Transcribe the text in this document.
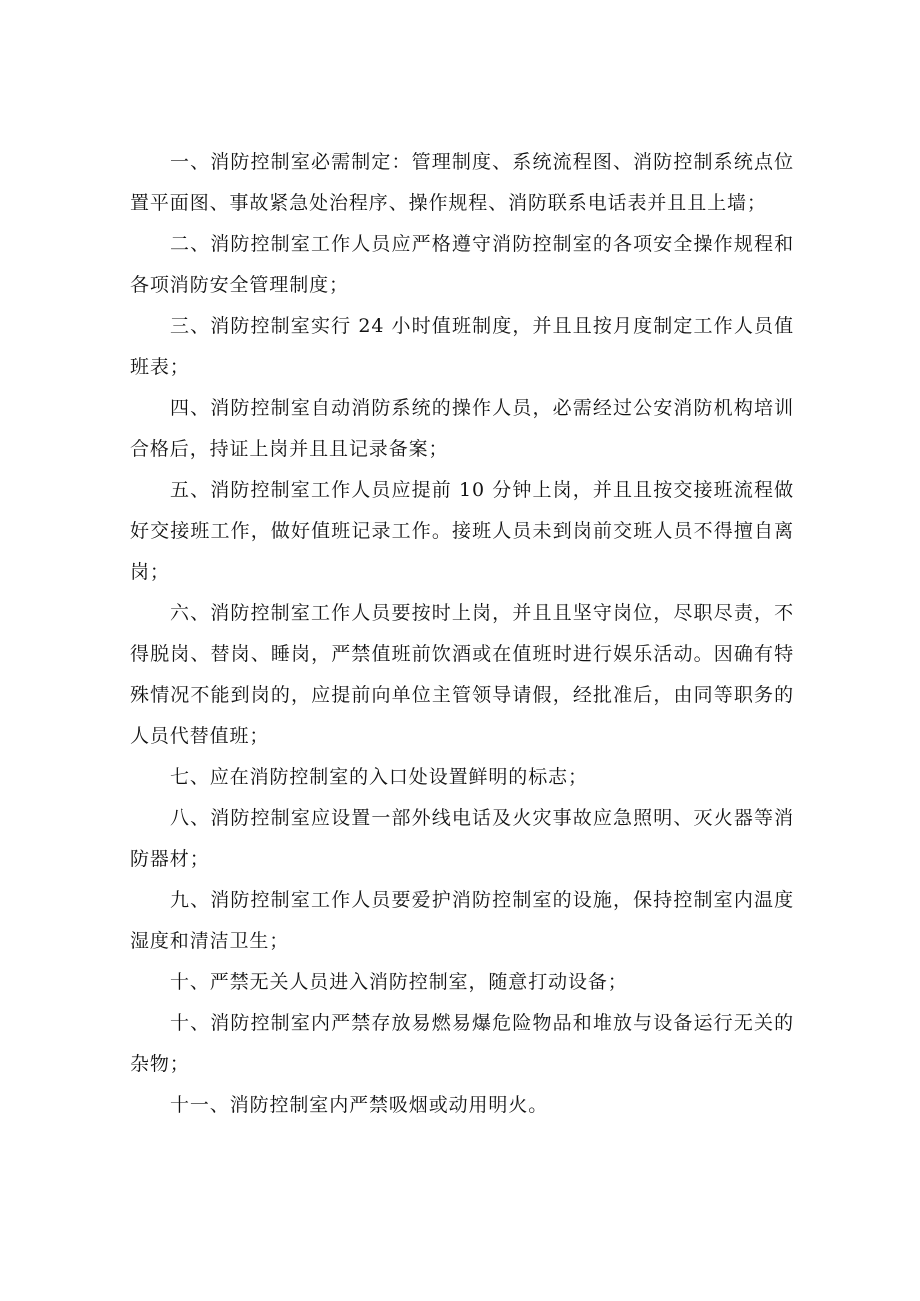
一、消防控制室必需制定：管理制度、系统流程图、消防控制系统点位置平面图、事故紧急处治程序、操作规程、消防联系电话表并且且上墙；

二、消防控制室工作人员应严格遵守消防控制室的各项安全操作规程和各项消防安全管理制度；

三、消防控制室实行 24 小时值班制度，并且且按月度制定工作人员值班表；

四、消防控制室自动消防系统的操作人员，必需经过公安消防机构培训合格后，持证上岗并且且记录备案；

五、消防控制室工作人员应提前 10 分钟上岗，并且且按交接班流程做好交接班工作，做好值班记录工作。接班人员未到岗前交班人员不得擅自离岗；

六、消防控制室工作人员要按时上岗，并且且坚守岗位，尽职尽责，不得脱岗、替岗、睡岗，严禁值班前饮酒或在值班时进行娱乐活动。因确有特殊情况不能到岗的，应提前向单位主管领导请假，经批准后，由同等职务的人员代替值班；

七、应在消防控制室的入口处设置鲜明的标志；

八、消防控制室应设置一部外线电话及火灾事故应急照明、灭火器等消防器材；

九、消防控制室工作人员要爱护消防控制室的设施，保持控制室内温度湿度和清洁卫生；

十、严禁无关人员进入消防控制室，随意打动设备；

十、消防控制室内严禁存放易燃易爆危险物品和堆放与设备运行无关的杂物；

十一、消防控制室内严禁吸烟或动用明火。
